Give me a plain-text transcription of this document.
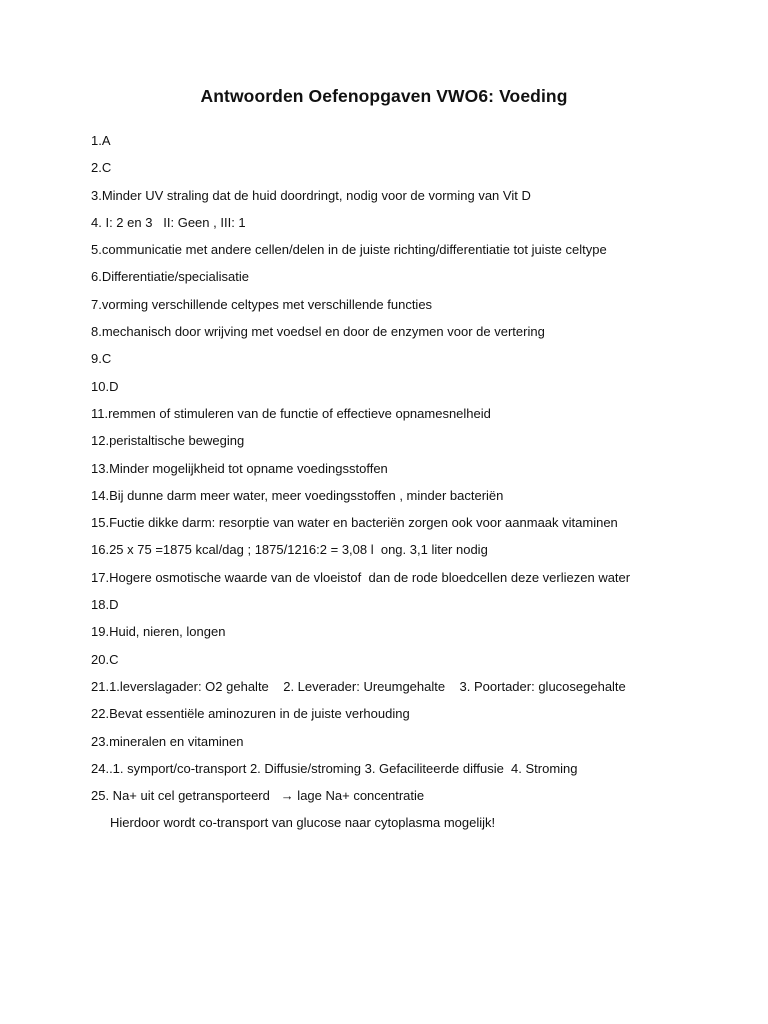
Antwoorden Oefenopgaven VWO6: Voeding
1.A
2.C
3.Minder UV straling dat de huid doordringt, nodig voor de vorming van Vit D
4. I: 2 en 3   II: Geen , III: 1
5.communicatie met andere cellen/delen in de juiste richting/differentiatie tot juiste celtype
6.Differentiatie/specialisatie
7.vorming verschillende celtypes met verschillende functies
8.mechanisch door wrijving met voedsel en door de enzymen voor de vertering
9.C
10.D
11.remmen of stimuleren van de functie of effectieve opnamesnelheid
12.peristaltische beweging
13.Minder mogelijkheid tot opname voedingsstoffen
14.Bij dunne darm meer water, meer voedingsstoffen , minder bacteriën
15.Fuctie dikke darm: resorptie van water en bacteriën zorgen ook voor aanmaak vitaminen
16.25 x 75 =1875 kcal/dag ; 1875/1216:2 = 3,08 l  ong. 3,1 liter nodig
17.Hogere osmotische waarde van de vloeistof  dan de rode bloedcellen deze verliezen water
18.D
19.Huid, nieren, longen
20.C
21.1.leverslagader: O2 gehalte    2. Leverader: Ureumgehalte    3. Poortader: glucosegehalte
22.Bevat essentiële aminozuren in de juiste verhouding
23.mineralen en vitaminen
24..1. symport/co-transport 2. Diffusie/stroming 3. Gefaciliteerde diffusie  4. Stroming
25. Na+ uit cel getransporteerd   → lage Na+ concentratie
Hierdoor wordt co-transport van glucose naar cytoplasma mogelijk!
